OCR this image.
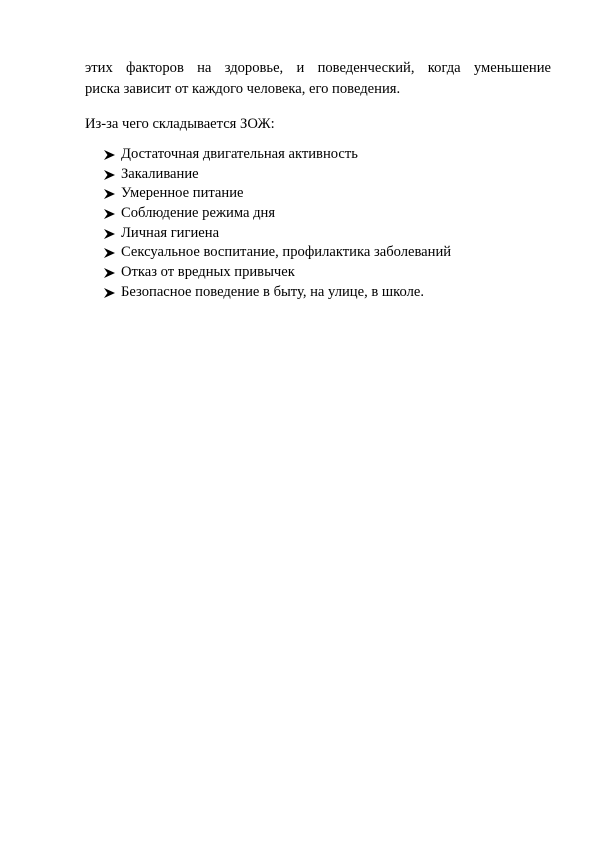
этих факторов на здоровье, и поведенческий, когда уменьшение
риска зависит от каждого человека, его поведения.
Из-за чего складывается ЗОЖ:
Достаточная двигательная активность
Закаливание
Умеренное питание
Соблюдение режима дня
Личная гигиена
Сексуальное воспитание, профилактика заболеваний
Отказ от вредных привычек
Безопасное поведение в быту, на улице, в школе.
